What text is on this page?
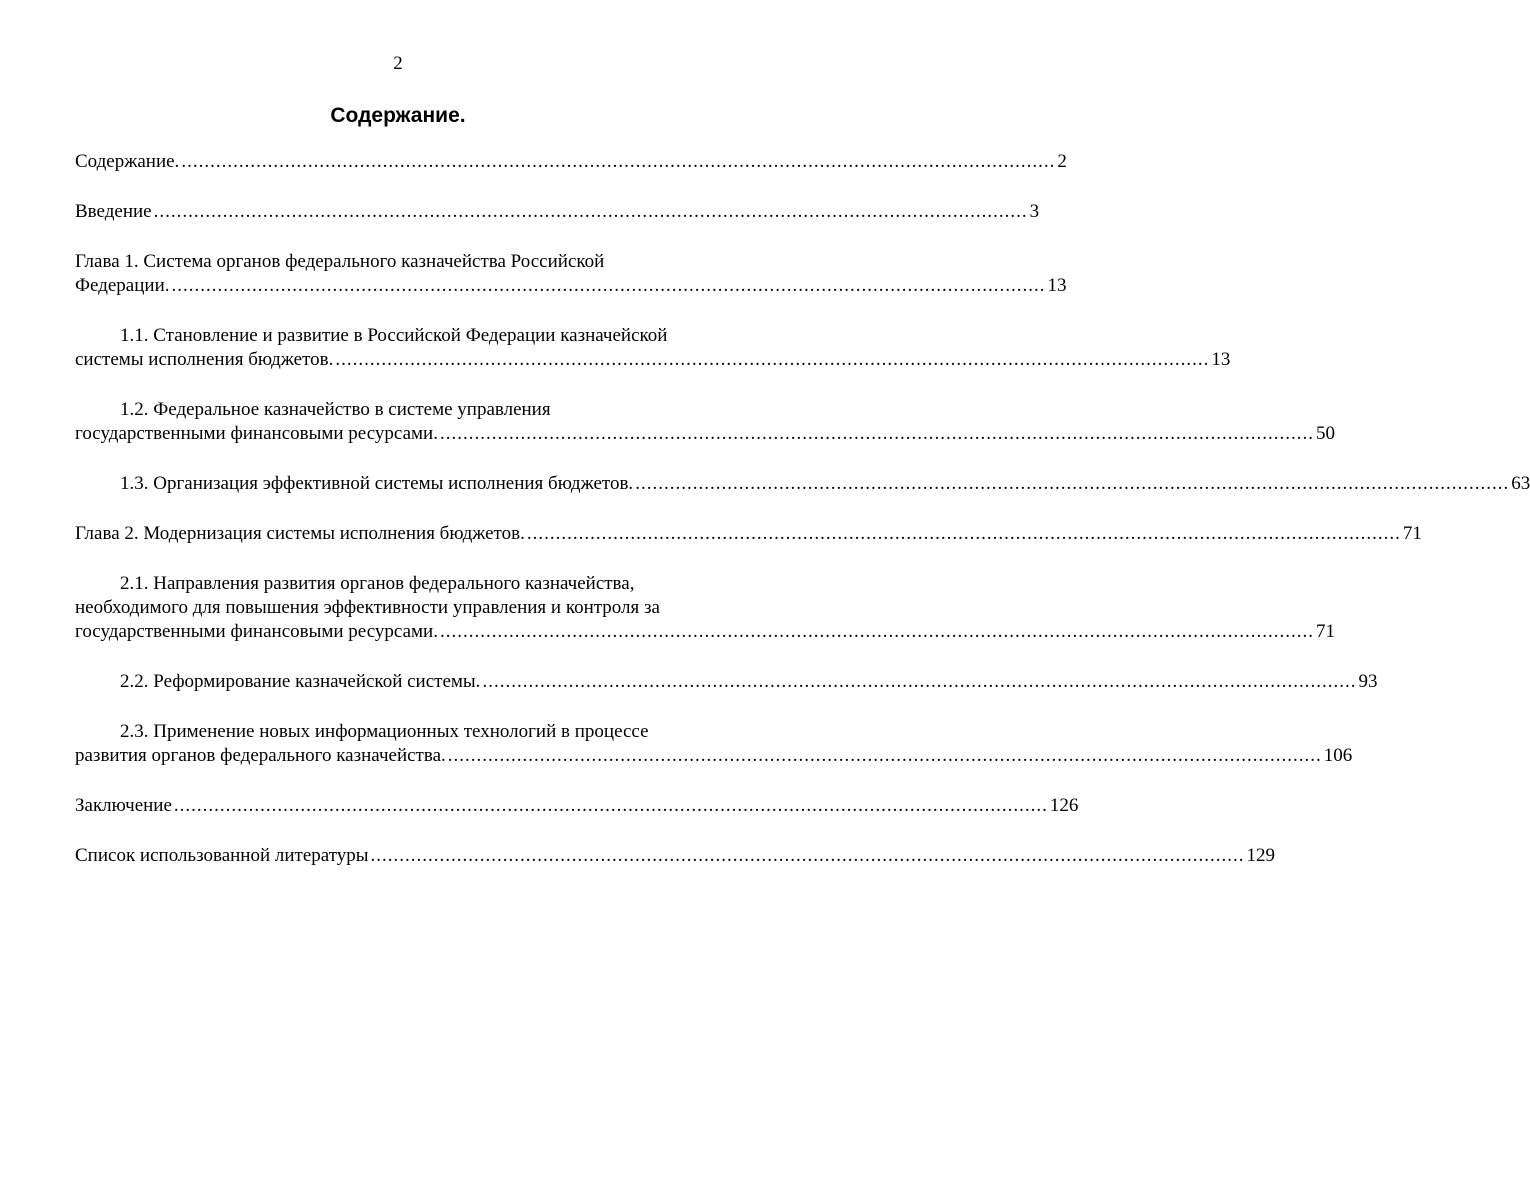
2
Содержание.
Содержание. ........................................................................................................................................................ 2
Введение ........................................................................................................................................................ 3
Глава 1. Система органов федерального казначейства Российской
Федерации. ........................................................................................................................................................ 13
1.1. Становление и развитие в Российской Федерации казначейской
системы исполнения бюджетов. ........................................................................................................................................................ 13
1.2. Федеральное казначейство в системе управления
государственными финансовыми ресурсами. ........................................................................................................................................................ 50
1.3. Организация эффективной системы исполнения бюджетов. ........................................................................................................................................................ 63
Глава 2. Модернизация системы исполнения бюджетов. ........................................................................................................................................................ 71
2.1. Направления развития органов федерального казначейства,
необходимого для повышения эффективности управления и контроля за
государственными финансовыми ресурсами. ........................................................................................................................................................ 71
2.2. Реформирование казначейской системы. ........................................................................................................................................................ 93
2.3. Применение новых информационных технологий в процессе
развития органов федерального казначейства. ........................................................................................................................................................ 106
Заключение ........................................................................................................................................................ 126
Список использованной литературы ........................................................................................................................................................ 129
